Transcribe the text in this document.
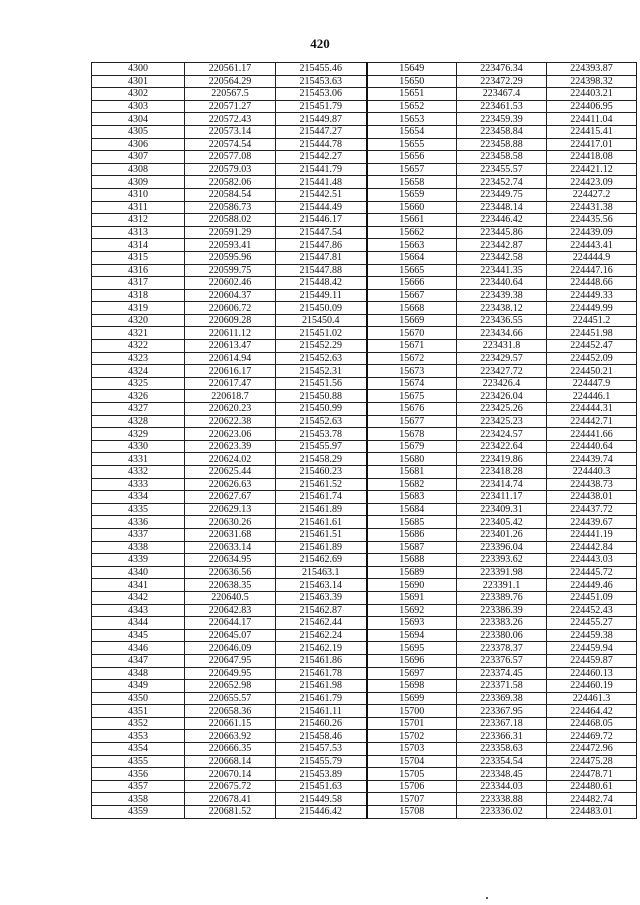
420
4300	220561.17	215455.46	15649	223476.34	224393.87
4301	220564.29	215453.63	15650	223472.29	224398.32
4302	220567.5	215453.06	15651	223467.4	224403.21
4303	220571.27	215451.79	15652	223461.53	224406.95
4304	220572.43	215449.87	15653	223459.39	224411.04
4305	220573.14	215447.27	15654	223458.84	224415.41
4306	220574.54	215444.78	15655	223458.88	224417.01
4307	220577.08	215442.27	15656	223458.58	224418.08
4308	220579.03	215441.79	15657	223455.57	224421.12
4309	220582.06	215441.48	15658	223452.74	224423.09
4310	220584.54	215442.51	15659	223449.75	224427.2
4311	220586.73	215444.49	15660	223448.14	224431.38
4312	220588.02	215446.17	15661	223446.42	224435.56
4313	220591.29	215447.54	15662	223445.86	224439.09
4314	220593.41	215447.86	15663	223442.87	224443.41
4315	220595.96	215447.81	15664	223442.58	224444.9
4316	220599.75	215447.88	15665	223441.35	224447.16
4317	220602.46	215448.42	15666	223440.64	224448.66
4318	220604.37	215449.11	15667	223439.38	224449.33
4319	220606.72	215450.09	15668	223438.12	224449.99
4320	220609.28	215450.4	15669	223436.55	224451.2
4321	220611.12	215451.02	15670	223434.66	224451.98
4322	220613.47	215452.29	15671	223431.8	224452.47
4323	220614.94	215452.63	15672	223429.57	224452.09
4324	220616.17	215452.31	15673	223427.72	224450.21
4325	220617.47	215451.56	15674	223426.4	224447.9
4326	220618.7	215450.88	15675	223426.04	224446.1
4327	220620.23	215450.99	15676	223425.26	224444.31
4328	220622.38	215452.63	15677	223425.23	224442.71
4329	220623.06	215453.78	15678	223424.57	224441.66
4330	220623.39	215455.97	15679	223422.64	224440.64
4331	220624.02	215458.29	15680	223419.86	224439.74
4332	220625.44	215460.23	15681	223418.28	224440.3
4333	220626.63	215461.52	15682	223414.74	224438.73
4334	220627.67	215461.74	15683	223411.17	224438.01
4335	220629.13	215461.89	15684	223409.31	224437.72
4336	220630.26	215461.61	15685	223405.42	224439.67
4337	220631.68	215461.51	15686	223401.26	224441.19
4338	220633.14	215461.89	15687	223396.04	224442.84
4339	220634.95	215462.69	15688	223393.62	224443.03
4340	220636.56	215463.1	15689	223391.98	224445.72
4341	220638.35	215463.14	15690	223391.1	224449.46
4342	220640.5	215463.39	15691	223389.76	224451.09
4343	220642.83	215462.87	15692	223386.39	224452.43
4344	220644.17	215462.44	15693	223383.26	224455.27
4345	220645.07	215462.24	15694	223380.06	224459.38
4346	220646.09	215462.19	15695	223378.37	224459.94
4347	220647.95	215461.86	15696	223376.57	224459.87
4348	220649.95	215461.78	15697	223374.45	224460.13
4349	220652.98	215461.98	15698	223371.58	224460.19
4350	220655.57	215461.79	15699	223369.38	224461.3
4351	220658.36	215461.11	15700	223367.95	224464.42
4352	220661.15	215460.26	15701	223367.18	224468.05
4353	220663.92	215458.46	15702	223366.31	224469.72
4354	220666.35	215457.53	15703	223358.63	224472.96
4355	220668.14	215455.79	15704	223354.54	224475.28
4356	220670.14	215453.89	15705	223348.45	224478.71
4357	220675.72	215451.63	15706	223344.03	224480.61
4358	220678.41	215449.58	15707	223338.88	224482.74
4359	220681.52	215446.42	15708	223336.02	224483.01
